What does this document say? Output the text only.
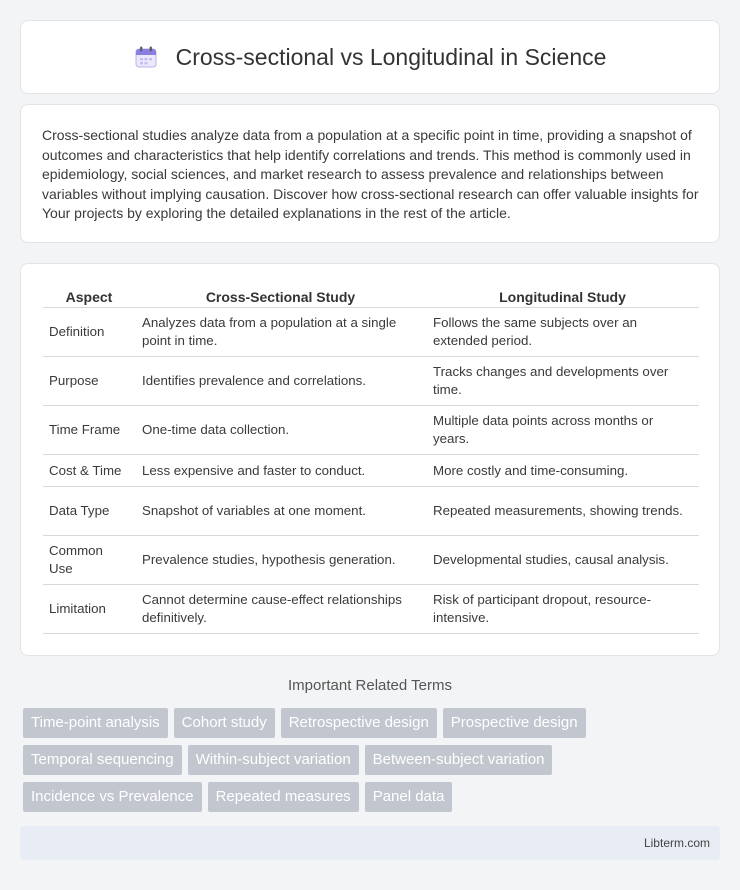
Cross-sectional vs Longitudinal in Science

Cross-sectional studies analyze data from a population at a specific point in time, providing a snapshot of outcomes and characteristics that help identify correlations and trends. This method is commonly used in epidemiology, social sciences, and market research to assess prevalence and relationships between variables without implying causation. Discover how cross-sectional research can offer valuable insights for Your projects by exploring the detailed explanations in the rest of the article.

Aspect	Cross-Sectional Study	Longitudinal Study
Definition	Analyzes data from a population at a single point in time.	Follows the same subjects over an extended period.
Purpose	Identifies prevalence and correlations.	Tracks changes and developments over time.
Time Frame	One-time data collection.	Multiple data points across months or years.
Cost & Time	Less expensive and faster to conduct.	More costly and time-consuming.
Data Type	Snapshot of variables at one moment.	Repeated measurements, showing trends.
Common Use	Prevalence studies, hypothesis generation.	Developmental studies, causal analysis.
Limitation	Cannot determine cause-effect relationships definitively.	Risk of participant dropout, resource-intensive.
Important Related Terms
Time-point analysis	Cohort study	Retrospective design	Prospective design
Temporal sequencing	Within-subject variation	Between-subject variation
Incidence vs Prevalence	Repeated measures	Panel data
Libterm.com
